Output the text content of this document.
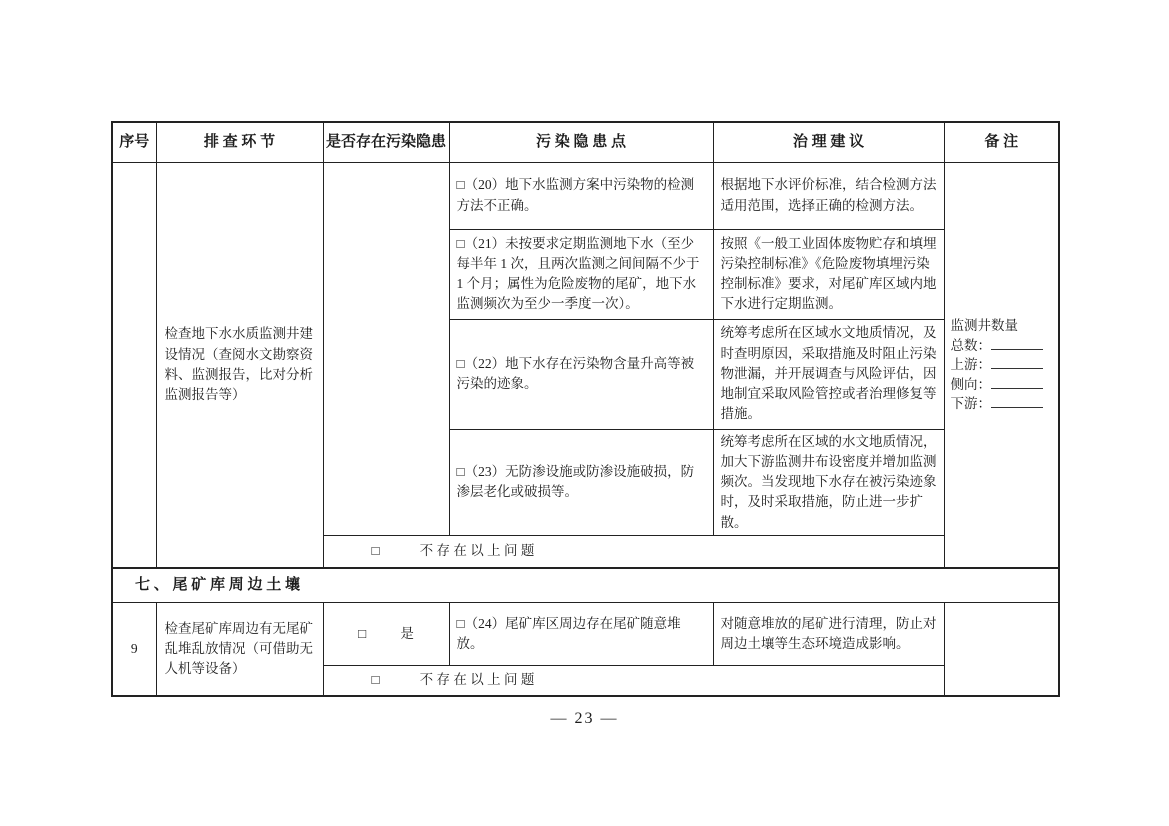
序号	排 查 环 节	是否存在污染隐患	污 染 隐 患 点	治 理 建 议	备 注
	检查地下水水质监测井建设情况（查阅水文勘察资料、监测报告，比对分析监测报告等）		□（20）地下水监测方案中污染物的检测方法不正确。	根据地下水评价标准，结合检测方法适用范围，选择正确的检测方法。	监测井数量
总数：
上游：
侧向：
下游：

			□（21）未按要求定期监测地下水（至少每半年 1 次，且两次监测之间间隔不少于 1 个月；属性为危险废物的尾矿，地下水监测频次为至少一季度一次）。	按照《一般工业固体废物贮存和填埋污染控制标准》《危险废物填埋污染控制标准》要求，对尾矿库区域内地下水进行定期监测。	
			□（22）地下水存在污染物含量升高等被污染的迹象。	统筹考虑所在区域水文地质情况，及时查明原因，采取措施及时阻止污染物泄漏，并开展调查与风险评估，因地制宜采取风险管控或者治理修复等措施。	
			□（23）无防渗设施或防渗设施破损，防渗层老化或破损等。	统筹考虑所在区域的水文地质情况，加大下游监测井布设密度并增加监测频次。当发现地下水存在被污染迹象时，及时采取措施，防止进一步扩散。	
		□ 不 存 在 以 上 问 题			
七 、 尾 矿 库 周 边 土 壤					
9	检查尾矿库周边有无尾矿乱堆乱放情况（可借助无人机等设备）	□ 是	□（24）尾矿库区周边存在尾矿随意堆放。	对随意堆放的尾矿进行清理，防止对周边土壤等生态环境造成影响。	
		□ 不 存 在 以 上 问 题			
— 23 —
